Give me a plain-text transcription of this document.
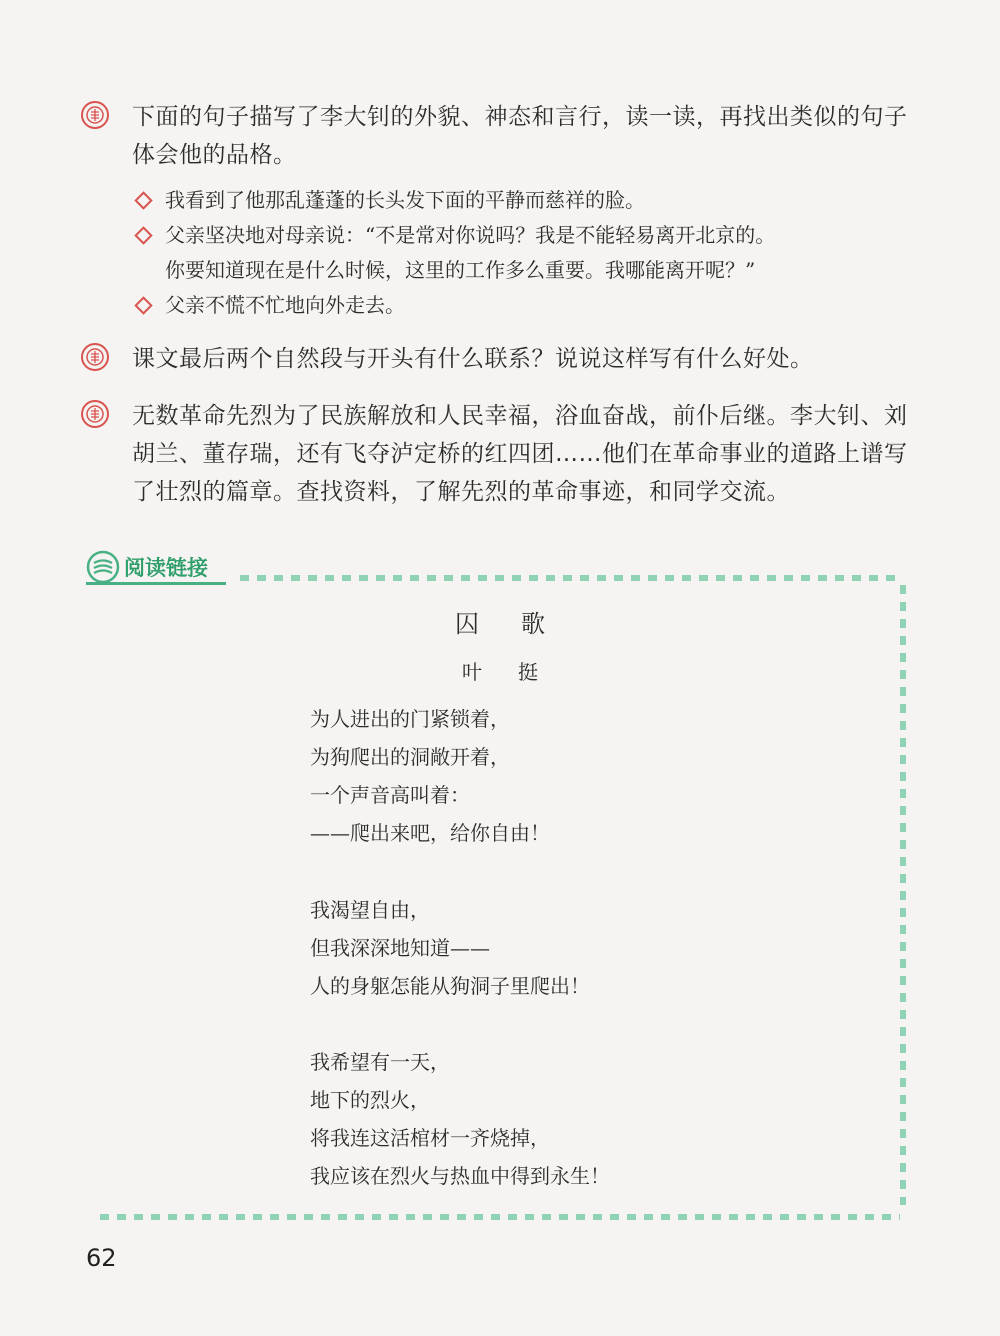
下面的句子描写了李大钊的外貌、神态和言行，读一读，再找出类似的句子体会他的品格。
我看到了他那乱蓬蓬的长头发下面的平静而慈祥的脸。
父亲坚决地对母亲说：“不是常对你说吗？我是不能轻易离开北京的。
你要知道现在是什么时候，这里的工作多么重要。我哪能离开呢？”
父亲不慌不忙地向外走去。
课文最后两个自然段与开头有什么联系？说说这样写有什么好处。
无数革命先烈为了民族解放和人民幸福，浴血奋战，前仆后继。李大钊、刘胡兰、董存瑞，还有飞夺泸定桥的红四团……他们在革命事业的道路上谱写了壮烈的篇章。查找资料，了解先烈的革命事迹，和同学交流。
阅读链接
囚歌
叶挺
为人进出的门紧锁着，
为狗爬出的洞敞开着，
一个声音高叫着：
——爬出来吧，给你自由！
我渴望自由，
但我深深地知道——
人的身躯怎能从狗洞子里爬出！
我希望有一天，
地下的烈火，
将我连这活棺材一齐烧掉，
我应该在烈火与热血中得到永生！
62
